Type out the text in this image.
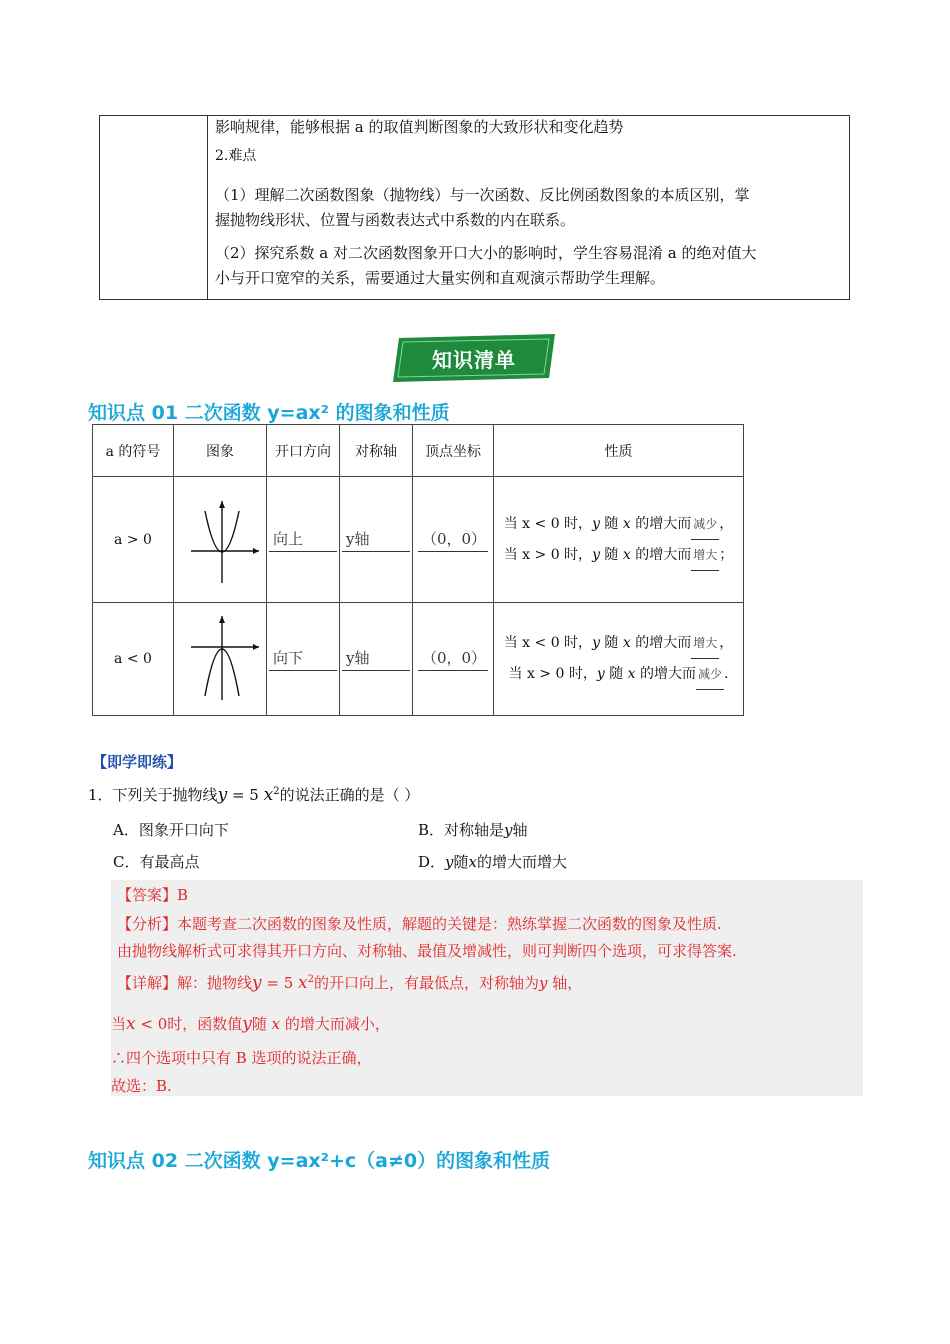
影响规律，能够根据 a 的取值判断图象的大致形状和变化趋势
2.难点
（1）理解二次函数图象（抛物线）与一次函数、反比例函数图象的本质区别，掌
握抛物线形状、位置与函数表达式中系数的内在联系。
（2）探究系数 a 对二次函数图象开口大小的影响时，学生容易混淆 a 的绝对值大
小与开口宽窄的关系，需要通过大量实例和直观演示帮助学生理解。
知识清单
知识点 01 二次函数 y=ax² 的图象和性质
a 的符号	图象	开口方向	对称轴	顶点坐标	性质
a > 0		向上	y轴	（0，0）	当 x < 0 时，y 随 x 的增大而 减少 ，
当 x > 0 时，y 随 x 的增大而 增大 ；

a < 0		向下	y轴	（0，0）	当 x < 0 时，y 随 x 的增大而 增大 ，
当 x > 0 时，y 随 x 的增大而 减少 .
【即学即练】
1．下列关于抛物线y = 5 $x^2$的说法正确的是（ ）
A．图象开口向下	B．对称轴是y轴
C．有最高点	D．y随x的增大而增大
【答案】B
【分析】本题考查二次函数的图象及性质，解题的关键是：熟练掌握二次函数的图象及性质.
由抛物线解析式可求得其开口方向、对称轴、最值及增减性，则可判断四个选项，可求得答案.
【详解】解：抛物线y = 5 $x^2$的开口向上，有最低点，对称轴为y 轴，
当x < 0时，函数值y随 x 的增大而减小，
∴四个选项中只有 B 选项的说法正确，
故选：B.
知识点 02 二次函数 y=ax²+c（a≠0）的图象和性质
